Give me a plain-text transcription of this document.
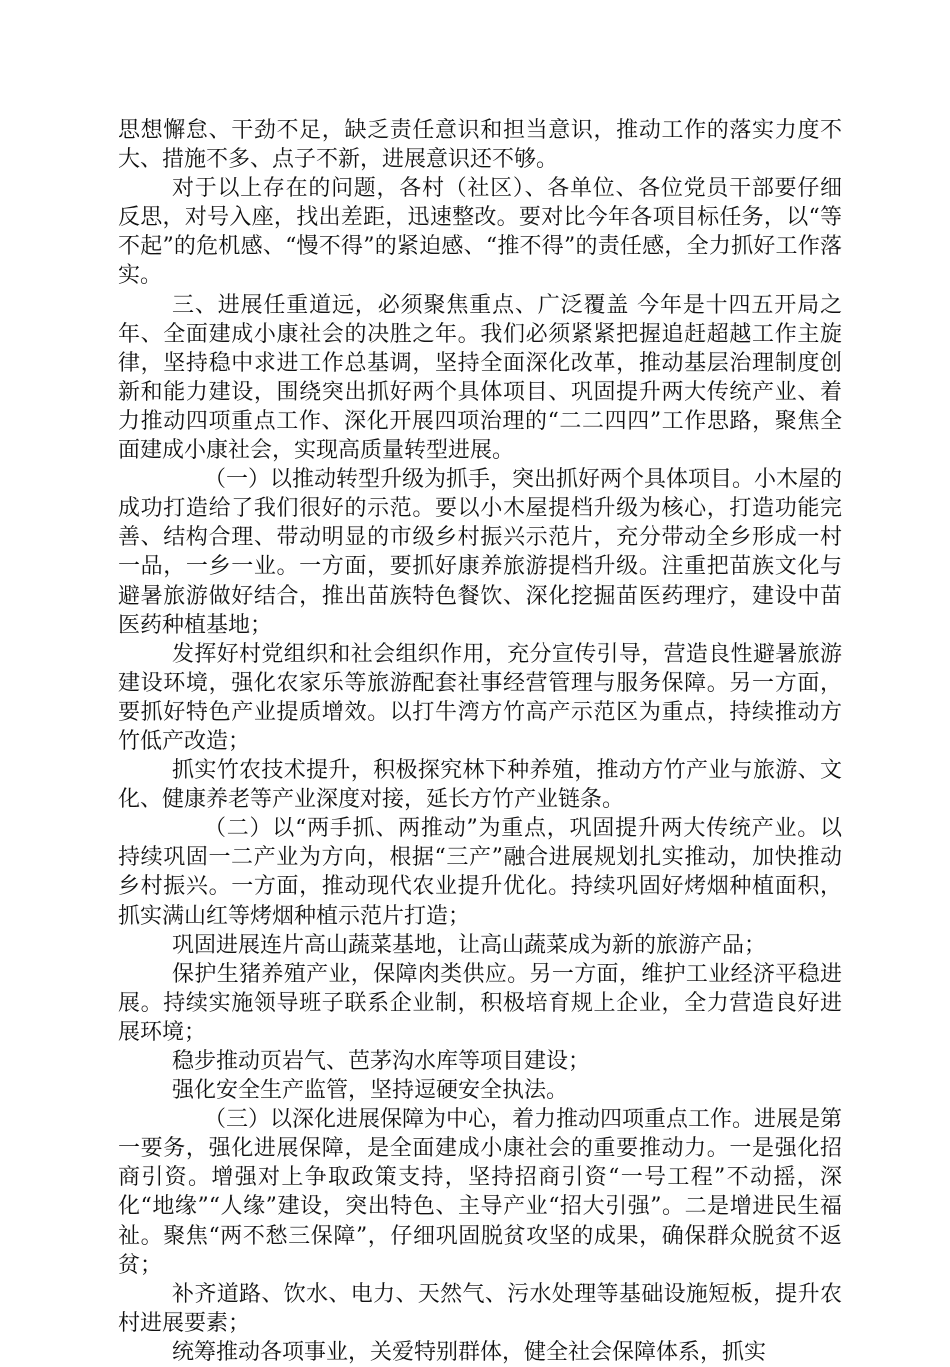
思想懈怠、干劲不足，缺乏责任意识和担当意识，推动工作的落实力度不大、措施不多、点子不新，进展意识还不够。

对于以上存在的问题，各村（社区）、各单位、各位党员干部要仔细反思，对号入座，找出差距，迅速整改。要对比今年各项目标任务，以“等不起”的危机感、“慢不得”的紧迫感、“推不得”的责任感，全力抓好工作落实。

三、进展任重道远，必须聚焦重点、广泛覆盖 今年是十四五开局之年、全面建成小康社会的决胜之年。我们必须紧紧把握追赶超越工作主旋律，坚持稳中求进工作总基调，坚持全面深化改革，推动基层治理制度创新和能力建设，围绕突出抓好两个具体项目、巩固提升两大传统产业、着力推动四项重点工作、深化开展四项治理的“二二四四”工作思路，聚焦全面建成小康社会，实现高质量转型进展。

（一）以推动转型升级为抓手，突出抓好两个具体项目。小木屋的成功打造给了我们很好的示范。要以小木屋提档升级为核心，打造功能完善、结构合理、带动明显的市级乡村振兴示范片，充分带动全乡形成一村一品，一乡一业。一方面，要抓好康养旅游提档升级。注重把苗族文化与避暑旅游做好结合，推出苗族特色餐饮、深化挖掘苗医药理疗，建设中苗医药种植基地；

发挥好村党组织和社会组织作用，充分宣传引导，营造良性避暑旅游建设环境，强化农家乐等旅游配套社事经营管理与服务保障。另一方面，要抓好特色产业提质增效。以打牛湾方竹高产示范区为重点，持续推动方竹低产改造；

抓实竹农技术提升，积极探究林下种养殖，推动方竹产业与旅游、文化、健康养老等产业深度对接，延长方竹产业链条。

（二）以“两手抓、两推动”为重点，巩固提升两大传统产业。以持续巩固一二产业为方向，根据“三产”融合进展规划扎实推动，加快推动乡村振兴。一方面，推动现代农业提升优化。持续巩固好烤烟种植面积，抓实满山红等烤烟种植示范片打造；

巩固进展连片高山蔬菜基地，让高山蔬菜成为新的旅游产品；

保护生猪养殖产业，保障肉类供应。另一方面，维护工业经济平稳进展。持续实施领导班子联系企业制，积极培育规上企业，全力营造良好进展环境；

稳步推动页岩气、芭茅沟水库等项目建设；

强化安全生产监管，坚持逗硬安全执法。

（三）以深化进展保障为中心，着力推动四项重点工作。进展是第一要务，强化进展保障，是全面建成小康社会的重要推动力。一是强化招商引资。增强对上争取政策支持，坚持招商引资“一号工程”不动摇，深化“地缘”“人缘”建设，突出特色、主导产业“招大引强”。二是增进民生福祉。聚焦“两不愁三保障”，仔细巩固脱贫攻坚的成果，确保群众脱贫不返贫；

补齐道路、饮水、电力、天然气、污水处理等基础设施短板，提升农村进展要素；

统筹推动各项事业，关爱特别群体，健全社会保障体系，抓实
